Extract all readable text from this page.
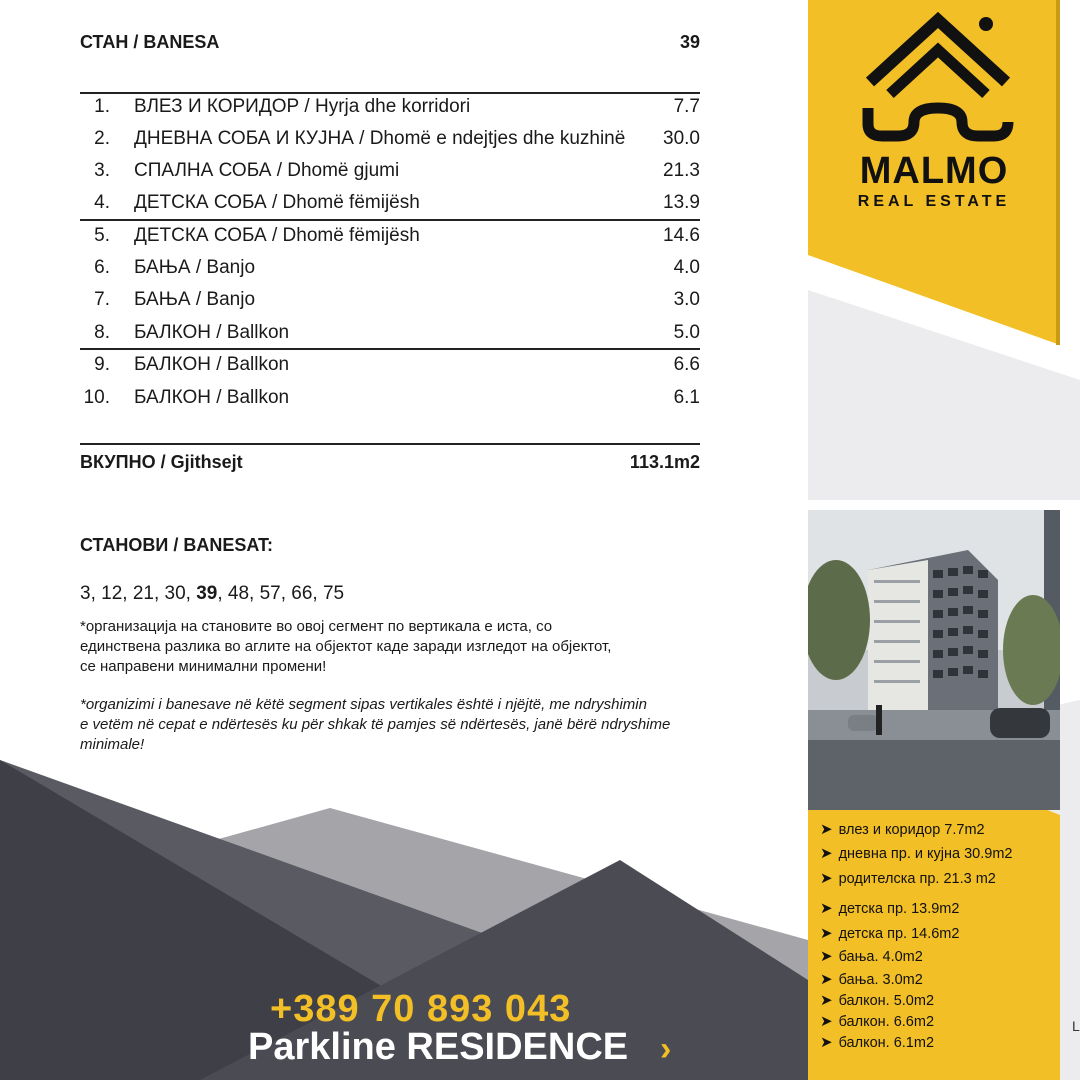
MALMO
REAL ESTATE
СТАН / BANESA	39
1. ВЛЕЗ И КОРИДОР / Hyrja dhe korridori	7.7
2. ДНЕВНА СОБА И КУЈНА / Dhomë e ndejtjes dhe kuzhinë 30.0
3. СПАЛНА СОБА / Dhomë gjumi	21.3
4. ДЕТСКА СОБА / Dhomë fëmijësh	13.9
5. ДЕТСКА СОБА / Dhomë fëmijësh	14.6
6. БАЊА / Banjo	4.0
7. БАЊА / Banjo	3.0
8. БАЛКОН / Ballkon	5.0
9. БАЛКОН / Ballkon	6.6
10. БАЛКОН / Ballkon	6.1
ВКУПНО / Gjithsejt	113.1m2
СТАНОВИ / BANESAT:
3, 12, 21, 30, 39, 48, 57, 66, 75
*организација на становите во овој сегмент по вертикала е иста, со
единствена разлика во аглите на објектот каде заради изгледот на објектот,
се направени минимални промени!
*organizimi i banesave në këtë segment sipas vertikales është i njëjtë, me ndryshimin
e vetëm në cepat e ndërtesës ku për shkak të pamjes së ndërtesës, janë bërë ndryshime
minimale!
+389 70 893 043
Parkline RESIDENCE ›
➤ влез и коридор 7.7m2
➤ дневна пр. и кујна 30.9m2
➤ родителска пр. 21.3 m2
➤ детска пр. 13.9m2
➤ детска пр. 14.6m2
➤ бања. 4.0m2
➤ бања. 3.0m2
➤ балкон. 5.0m2
➤ балкон. 6.6m2
➤ балкон. 6.1m2
L
